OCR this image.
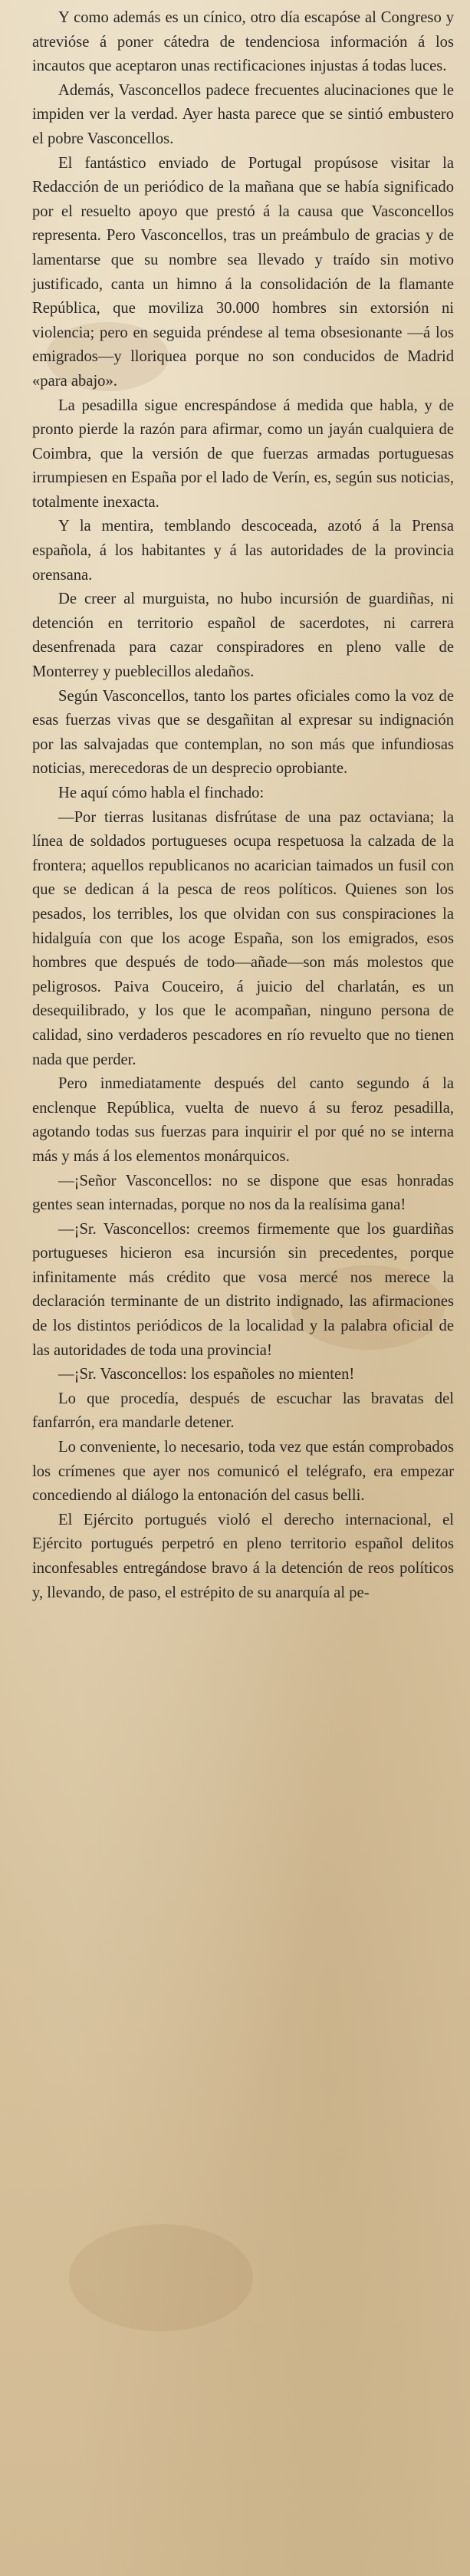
Y como además es un cínico, otro día escapóse al Congreso y atrevióse á poner cátedra de tendenciosa información á los incautos que aceptaron unas rectificaciones injustas á todas luces.

Además, Vasconcellos padece frecuentes alucinaciones que le impiden ver la verdad. Ayer hasta parece que se sintió embustero el pobre Vasconcellos.

El fantástico enviado de Portugal propúsose visitar la Redacción de un periódico de la mañana que se había significado por el resuelto apoyo que prestó á la causa que Vasconcellos representa. Pero Vasconcellos, tras un preámbulo de gracias y de lamentarse que su nombre sea llevado y traído sin motivo justificado, canta un himno á la consolidación de la flamante República, que moviliza 30.000 hombres sin extorsión ni violencia; pero en seguida préndese al tema obsesionante —á los emigrados—y lloriquea porque no son conducidos de Madrid «para abajo».

La pesadilla sigue encrespándose á medida que habla, y de pronto pierde la razón para afirmar, como un jayán cualquiera de Coimbra, que la versión de que fuerzas armadas portuguesas irrumpiesen en España por el lado de Verín, es, según sus noticias, totalmente inexacta.

Y la mentira, temblando descoceada, azotó á la Prensa española, á los habitantes y á las autoridades de la provincia orensana.

De creer al murguista, no hubo incursión de guardiñas, ni detención en territorio español de sacerdotes, ni carrera desenfrenada para cazar conspiradores en pleno valle de Monterrey y pueblecillos aledaños.

Según Vasconcellos, tanto los partes oficiales como la voz de esas fuerzas vivas que se desgañitan al expresar su indignación por las salvajadas que contemplan, no son más que infundiosas noticias, merecedoras de un desprecio oprobiante.

He aquí cómo habla el finchado:

—Por tierras lusitanas disfrútase de una paz octaviana; la línea de soldados portugueses ocupa respetuosa la calzada de la frontera; aquellos republicanos no acarician taimados un fusil con que se dedican á la pesca de reos políticos. Quienes son los pesados, los terribles, los que olvidan con sus conspiraciones la hidalguía con que los acoge España, son los emigrados, esos hombres que después de todo—añade—son más molestos que peligrosos. Paiva Couceiro, á juicio del charlatán, es un desequilibrado, y los que le acompañan, ninguno persona de calidad, sino verdaderos pescadores en río revuelto que no tienen nada que perder.

Pero inmediatamente después del canto segundo á la enclenque República, vuelta de nuevo á su feroz pesadilla, agotando todas sus fuerzas para inquirir el por qué no se interna más y más á los elementos monárquicos.

—¡Señor Vasconcellos: no se dispone que esas honradas gentes sean internadas, porque no nos da la realísima gana!

—¡Sr. Vasconcellos: creemos firmemente que los guardiñas portugueses hicieron esa incursión sin precedentes, porque infinitamente más crédito que vosa mercé nos merece la declaración terminante de un distrito indignado, las afirmaciones de los distintos periódicos de la localidad y la palabra oficial de las autoridades de toda una provincia!

—¡Sr. Vasconcellos: los españoles no mienten!

Lo que procedía, después de escuchar las bravatas del fanfarrón, era mandarle detener.

Lo conveniente, lo necesario, toda vez que están comprobados los crímenes que ayer nos comunicó el telégrafo, era empezar concediendo al diálogo la entonación del casus belli.

El Ejército portugués violó el derecho internacional, el Ejército portugués perpetró en pleno territorio español delitos inconfesables entregándose bravo á la detención de reos políticos y, llevando, de paso, el estrépito de su anarquía al pe-
